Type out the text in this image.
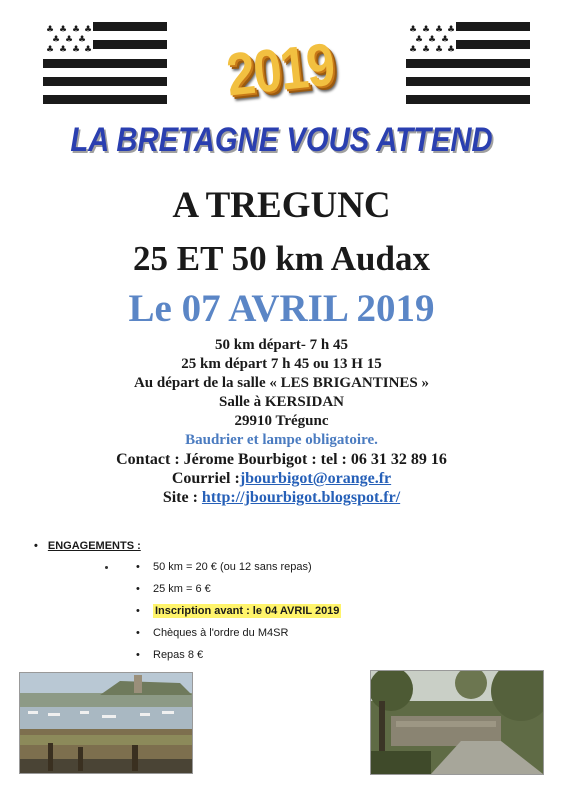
♣ ♣ ♣ ♣
♣ ♣ ♣
♣ ♣ ♣ ♣
♣ ♣ ♣ ♣
♣ ♣ ♣
♣ ♣ ♣ ♣
2019
LA BRETAGNE VOUS ATTEND
A TREGUNC
25 ET 50 km Audax
Le 07 AVRIL 2019
50 km départ- 7 h 45
25 km départ 7 h 45 ou 13 H 15
Au départ de la salle « LES BRIGANTINES »
Salle à KERSIDAN
29910 Trégunc
Baudrier et lampe obligatoire.
Contact : Jérome Bourbigot : tel : 06 31 32 89 16
Courriel :jbourbigot@orange.fr
Site : http://jbourbigot.blogspot.fr/
• ENGAGEMENTS :
• 50 km = 20 € (ou 12 sans repas)
• 25 km = 6 €
• Inscription avant : le 04 AVRIL 2019
• Chèques à l'ordre du M4SR
• Repas 8 €
